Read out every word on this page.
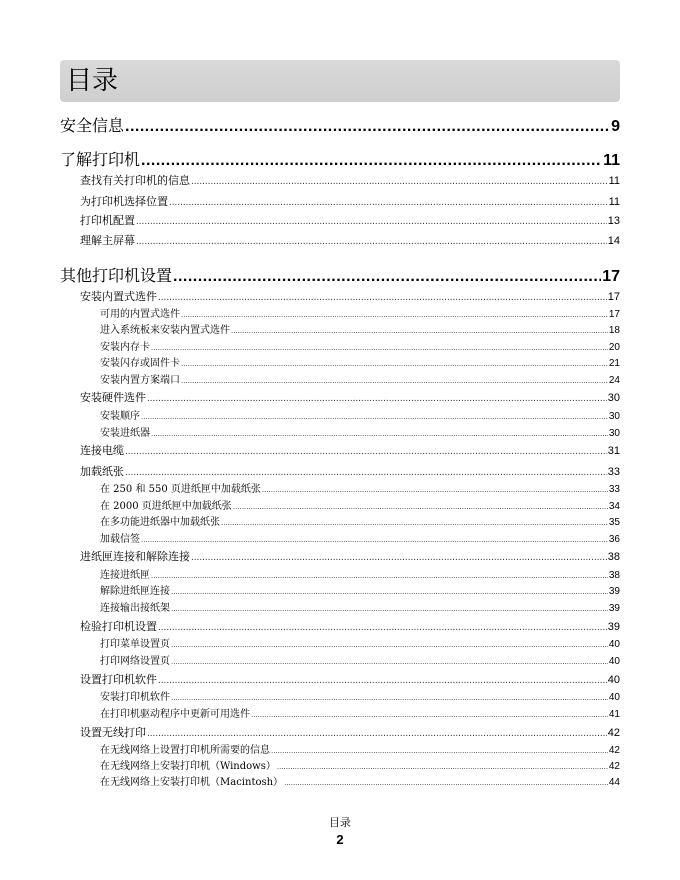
目录
安全信息 .....	9
了解打印机 .....	11
查找有关打印机的信息 .....	11
为打印机选择位置 .....	11
打印机配置 .....	13
理解主屏幕 .....	14
其他打印机设置 .....	17
安装内置式选件 .....	17
可用的内置式选件 .....	17
进入系统板来安装内置式选件 .....	18
安装内存卡 .....	20
安装闪存或固件卡 .....	21
安装内置方案端口 .....	24
安装硬件选件 .....	30
安装顺序 .....	30
安装进纸器 .....	30
连接电缆 .....	31
加载纸张 .....	33
在 250 和 550 页进纸匣中加载纸张 .....	33
在 2000 页进纸匣中加载纸张 .....	34
在多功能进纸器中加载纸张 .....	35
加载信签 .....	36
进纸匣连接和解除连接 .....	38
连接进纸匣 .....	38
解除进纸匣连接 .....	39
连接输出接纸架 .....	39
检验打印机设置 .....	39
打印菜单设置页 .....	40
打印网络设置页 .....	40
设置打印机软件 .....	40
安装打印机软件 .....	40
在打印机驱动程序中更新可用选件 .....	41
设置无线打印 .....	42
在无线网络上设置打印机所需要的信息 .....	42
在无线网络上安装打印机（Windows） .....	42
在无线网络上安装打印机（Macintosh） .....	44
目录
2
